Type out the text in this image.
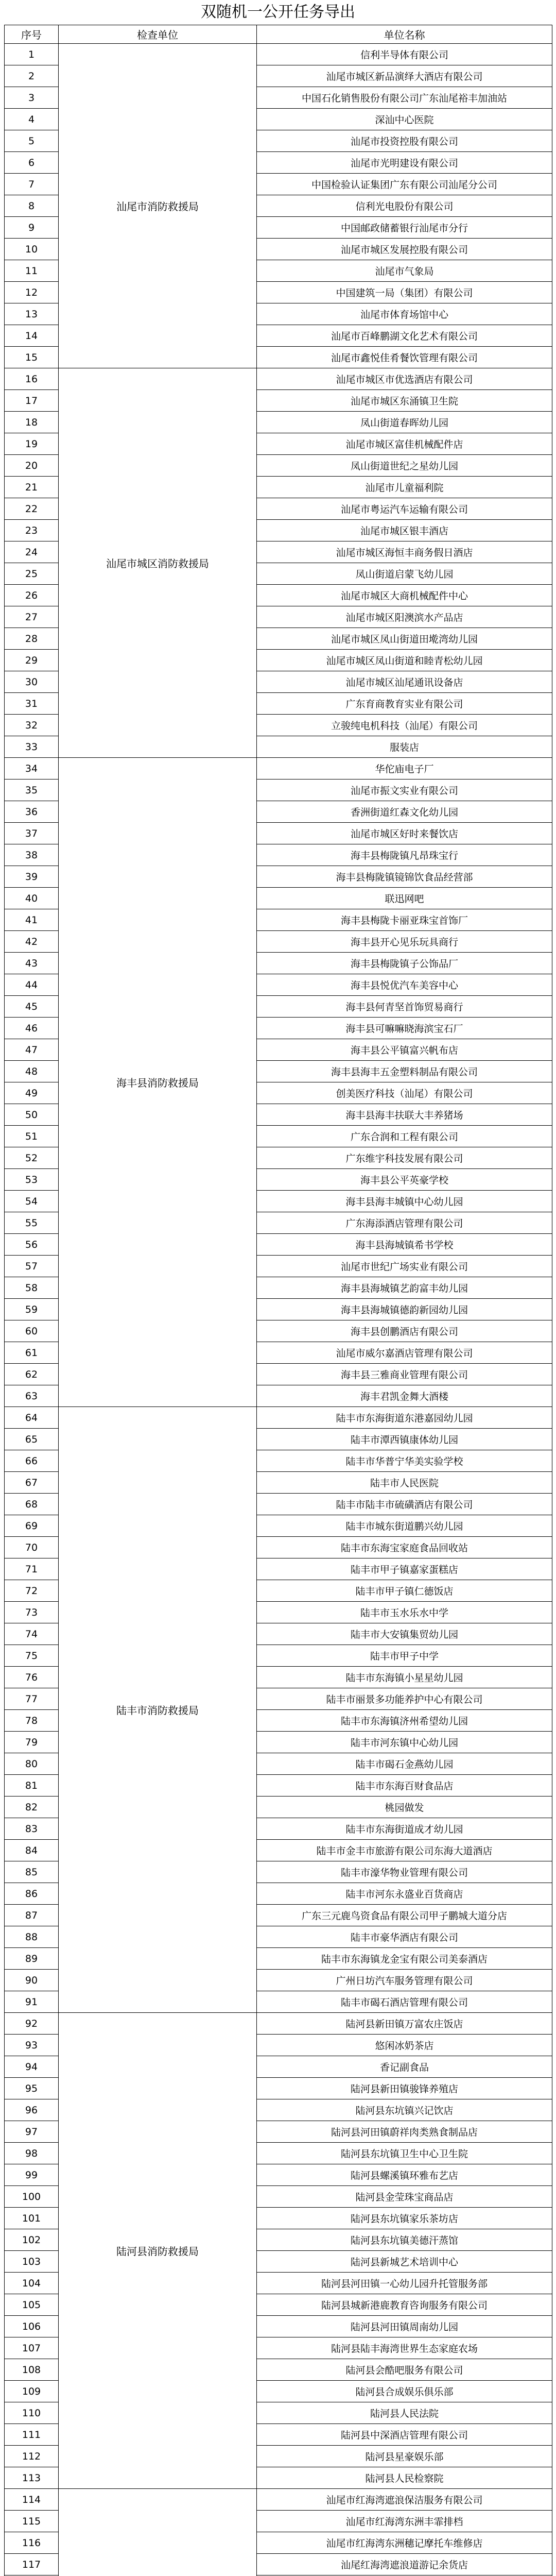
双随机一公开任务导出
序号	检查单位	单位名称
1	汕尾市消防救援局	信利半导体有限公司
2		汕尾市城区新品演绎大酒店有限公司
3		中国石化销售股份有限公司广东汕尾裕丰加油站
4		深汕中心医院
5		汕尾市投资控股有限公司
6		汕尾市光明建设有限公司
7		中国检验认证集团广东有限公司汕尾分公司
8		信利光电股份有限公司
9		中国邮政储蓄银行汕尾市分行
10		汕尾市城区发展控股有限公司
11		汕尾市气象局
12		中国建筑一局（集团）有限公司
13		汕尾市体育场馆中心
14		汕尾市百峰鹏湖文化艺术有限公司
15		汕尾市鑫悦佳肴餐饮管理有限公司
16	汕尾市城区消防救援局	汕尾市城区市优选酒店有限公司
17		汕尾市城区东涌镇卫生院
18		凤山街道春晖幼儿园
19		汕尾市城区富佳机械配件店
20		凤山街道世纪之星幼儿园
21		汕尾市儿童福利院
22		汕尾市粤运汽车运输有限公司
23		汕尾市城区银丰酒店
24		汕尾市城区海恒丰商务假日酒店
25		凤山街道启蒙飞幼儿园
26		汕尾市城区大商机械配件中心
27		汕尾市城区阳澳滨水产品店
28		汕尾市城区凤山街道田墘湾幼儿园
29		汕尾市城区凤山街道和睦青松幼儿园
30		汕尾市城区汕尾通讯设备店
31		广东育商教育实业有限公司
32		立骏纯电机科技（汕尾）有限公司
33		服装店
34	海丰县消防救援局	华佗庙电子厂
35		汕尾市振文实业有限公司
36		香洲街道红森文化幼儿园
37		汕尾市城区好时来餐饮店
38		海丰县梅陇镇凡昂珠宝行
39		海丰县梅陇镇镜锦饮食品经营部
40		联迅网吧
41		海丰县梅陇卡丽亚珠宝首饰厂
42		海丰县开心见乐玩具商行
43		海丰县梅陇镇子公饰品厂
44		海丰县悦优汽车美容中心
45		海丰县何青坚首饰贸易商行
46		海丰县可嘛嘛晓海滨宝石厂
47		海丰县公平镇富兴帆布店
48		海丰县海丰五金塑料制品有限公司
49		创美医疗科技（汕尾）有限公司
50		海丰县海丰扶联大丰养猪场
51		广东合润和工程有限公司
52		广东维宇科技发展有限公司
53		海丰县公平英豪学校
54		海丰县海丰城镇中心幼儿园
55		广东海添酒店管理有限公司
56		海丰县海城镇希书学校
57		汕尾市世纪广场实业有限公司
58		海丰县海城镇艺韵富丰幼儿园
59		海丰县海城镇德韵新园幼儿园
60		海丰县创鹏酒店有限公司
61		汕尾市威尔嘉酒店管理有限公司
62		海丰县三雅商业管理有限公司
63		海丰君凯金舞大酒楼
64	陆丰市消防救援局	陆丰市东海街道东港嘉园幼儿园
65		陆丰市潭西镇康体幼儿园
66		陆丰市华普宁华美实验学校
67		陆丰市人民医院
68		陆丰市陆丰市硫磺酒店有限公司
69		陆丰市城东街道鹏兴幼儿园
70		陆丰市东海宝家庭食品回收站
71		陆丰市甲子镇嘉家蛋糕店
72		陆丰市甲子镇仁德饭店
73		陆丰市玉水乐水中学
74		陆丰市大安镇集贸幼儿园
75		陆丰市甲子中学
76		陆丰市东海镇小星星幼儿园
77		陆丰市丽景多功能养护中心有限公司
78		陆丰市东海镇济州希望幼儿园
79		陆丰市河东镇中心幼儿园
80		陆丰市碣石金燕幼儿园
81		陆丰市东海百财食品店
82		桃园做发
83		陆丰市东海街道成才幼儿园
84		陆丰市金丰市旅游有限公司东海大道酒店
85		陆丰市濠华物业管理有限公司
86		陆丰市河东永盛业百货商店
87		广东三元鹿鸟资食品有限公司甲子鹏城大道分店
88		陆丰市豪华酒店有限公司
89		陆丰市东海镇龙金宝有限公司美泰酒店
90		广州日坊汽车服务管理有限公司
91		陆丰市碣石酒店管理有限公司
92	陆河县消防救援局	陆河县新田镇万富农庄饭店
93		悠闲冰奶茶店
94		香记副食品
95		陆河县新田镇骏锋养殖店
96		陆河县东坑镇兴记饮店
97		陆河县河田镇蔚祥肉类熟食制品店
98		陆河县东坑镇卫生中心卫生院
99		陆河县螺溪镇环雅布艺店
100		陆河县金莹珠宝商品店
101		陆河县东坑镇家乐茶坊店
102		陆河县东坑镇美德汗蒸馆
103		陆河县新城艺术培训中心
104		陆河县河田镇一心幼儿园升托管服务部
105		陆河县城新港鹿教育咨询服务有限公司
106		陆河县河田镇周南幼儿园
107		陆河县陆丰海湾世界生态家庭农场
108		陆河县会酷吧服务有限公司
109		陆河县合成娱乐俱乐部
110		陆河县人民法院
111		陆河县中深酒店管理有限公司
112		陆河县星豪娱乐部
113		陆河县人民检察院
114		汕尾市红海湾遮浪保洁服务有限公司
115		汕尾市红海湾东洲丰霏排档
116		汕尾市红海湾东洲穗记摩托车维修店
117		汕尾红海湾遮浪道游记余货店
